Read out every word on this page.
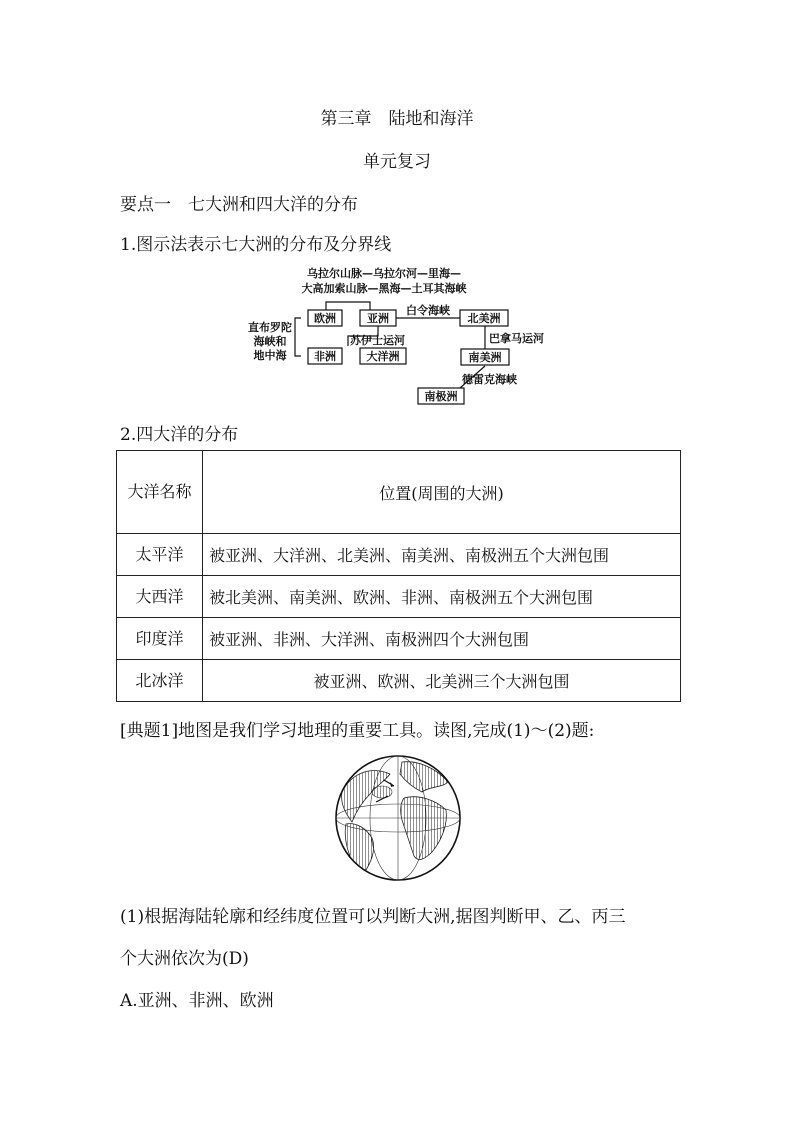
第三章　陆地和海洋
单元复习
要点一　七大洲和四大洋的分布
1.图示法表示七大洲的分布及分界线
乌拉尔山脉—乌拉尔河—里海—
大高加索山脉—黑海—土耳其海峡
直布罗陀
海峡和
地中海
欧洲	亚洲	北美洲
非洲	大洋洲	南美洲
南极洲
白令海峡
苏伊士运河	巴拿马运河
德雷克海峡
2.四大洋的分布
大洋名称	位置(周围的大洲)
太平洋	被亚洲、大洋洲、北美洲、南美洲、南极洲五个大洲包围
大西洋	被北美洲、南美洲、欧洲、非洲、南极洲五个大洲包围
印度洋	被亚洲、非洲、大洋洲、南极洲四个大洲包围
北冰洋	被亚洲、欧洲、北美洲三个大洲包围
[典题1]地图是我们学习地理的重要工具。读图,完成(1)～(2)题:
(1)根据海陆轮廓和经纬度位置可以判断大洲,据图判断甲、乙、丙三
个大洲依次为(D)
A.亚洲、非洲、欧洲
